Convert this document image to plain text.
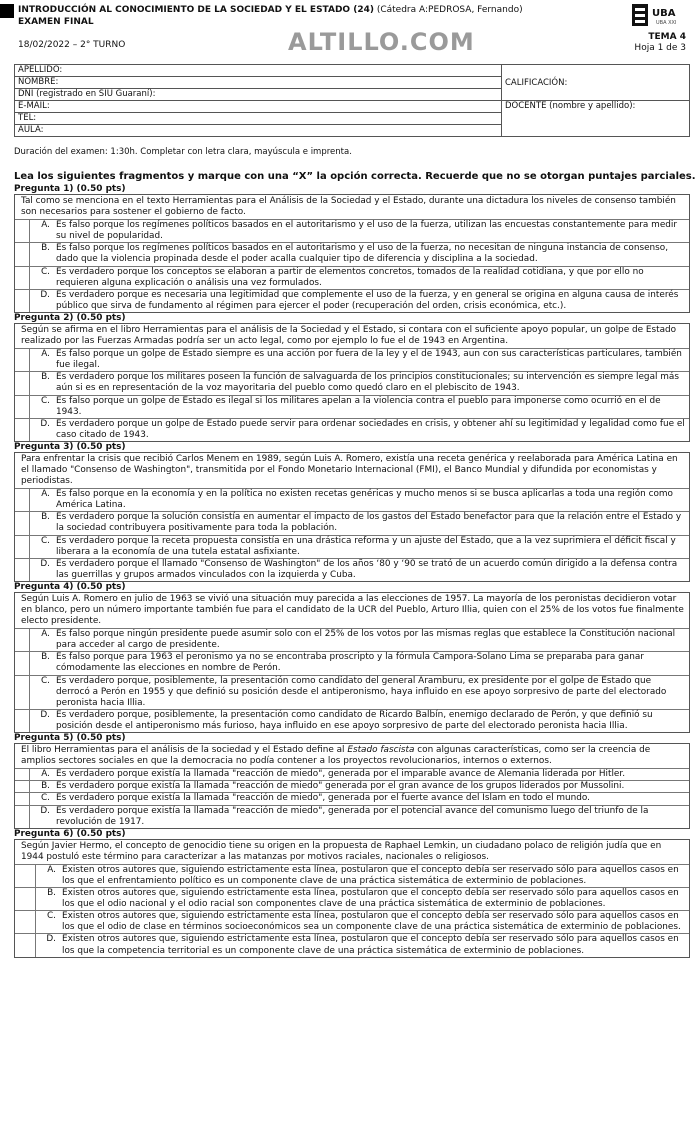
INTRODUCCIÓN AL CONOCIMIENTO DE LA SOCIEDAD Y EL ESTADO (24) (Cátedra A:PEDROSA, Fernando)
EXAMEN FINAL
18/02/2022 – 2° TURNO	ALTILLO.COM
UBA
UBA XXI
TEMA 4
Hoja 1 de 3
APELLIDO:	CALIFICACIÓN:
NOMBRE:	
DNI (registrado en SIU Guaraní):	
E-MAIL:	DOCENTE (nombre y apellido):
TEL:	
AULA:	
Duración del examen: 1:30h. Completar con letra clara, mayúscula e imprenta.
Lea los siguientes fragmentos y marque con una “X” la opción correcta. Recuerde que no se otorgan puntajes parciales.
Pregunta 1) (0.50 pts)
Tal como se menciona en el texto Herramientas para el Análisis de la Sociedad y el Estado, durante una dictadura los niveles de consenso también son necesarios para sostener el gobierno de facto.
A. Es falso porque los regímenes políticos basados en el autoritarismo y el uso de la fuerza, utilizan las encuestas constantemente para medir su nivel de popularidad.
B. Es falso porque los regímenes políticos basados en el autoritarismo y el uso de la fuerza, no necesitan de ninguna instancia de consenso, dado que la violencia propinada desde el poder acalla cualquier tipo de diferencia y disciplina a la sociedad.
C. Es verdadero porque los conceptos se elaboran a partir de elementos concretos, tomados de la realidad cotidiana, y que por ello no requieren alguna explicación o análisis una vez formulados.
D. Es verdadero porque es necesaria una legitimidad que complemente el uso de la fuerza, y en general se origina en alguna causa de interés público que sirva de fundamento al régimen para ejercer el poder (recuperación del orden, crisis económica, etc.).
Pregunta 2) (0.50 pts)
Según se afirma en el libro Herramientas para el análisis de la Sociedad y el Estado, si contara con el suficiente apoyo popular, un golpe de Estado realizado por las Fuerzas Armadas podría ser un acto legal, como por ejemplo lo fue el de 1943 en Argentina.
A. Es falso porque un golpe de Estado siempre es una acción por fuera de la ley y el de 1943, aun con sus características particulares, también fue ilegal.
B. Es verdadero porque los militares poseen la función de salvaguarda de los principios constitucionales; su intervención es siempre legal más aún si es en representación de la voz mayoritaria del pueblo como quedó claro en el plebiscito de 1943.
C. Es falso porque un golpe de Estado es ilegal si los militares apelan a la violencia contra el pueblo para imponerse como ocurrió en el de 1943.
D. Es verdadero porque un golpe de Estado puede servir para ordenar sociedades en crisis, y obtener ahí su legitimidad y legalidad como fue el caso citado de 1943.
Pregunta 3) (0.50 pts)
Para enfrentar la crisis que recibió Carlos Menem en 1989, según Luis A. Romero, existía una receta genérica y reelaborada para América Latina en el llamado "Consenso de Washington", transmitida por el Fondo Monetario Internacional (FMI), el Banco Mundial y difundida por economistas y periodistas.
A. Es falso porque en la economía y en la política no existen recetas genéricas y mucho menos si se busca aplicarlas a toda una región como América Latina.
B. Es verdadero porque la solución consistía en aumentar el impacto de los gastos del Estado benefactor para que la relación entre el Estado y la sociedad contribuyera positivamente para toda la población.
C. Es verdadero porque la receta propuesta consistía en una drástica reforma y un ajuste del Estado, que a la vez suprimiera el déficit fiscal y liberara a la economía de una tutela estatal asfixiante.
D. Es verdadero porque el llamado "Consenso de Washington" de los años ‘80 y ‘90 se trató de un acuerdo común dirigido a la defensa contra las guerrillas y grupos armados vinculados con la izquierda y Cuba.
Pregunta 4) (0.50 pts)
Según Luis A. Romero en julio de 1963 se vivió una situación muy parecida a las elecciones de 1957. La mayoría de los peronistas decidieron votar en blanco, pero un número importante también fue para el candidato de la UCR del Pueblo, Arturo Illia, quien con el 25% de los votos fue finalmente electo presidente.
A. Es falso porque ningún presidente puede asumir solo con el 25% de los votos por las mismas reglas que establece la Constitución nacional para acceder al cargo de presidente.
B. Es falso porque para 1963 el peronismo ya no se encontraba proscripto y la fórmula Campora-Solano Lima se preparaba para ganar cómodamente las elecciones en nombre de Perón.
C. Es verdadero porque, posiblemente, la presentación como candidato del general Aramburu, ex presidente por el golpe de Estado que derrocó a Perón en 1955 y que definió su posición desde el antiperonismo, haya influido en ese apoyo sorpresivo de parte del electorado peronista hacia Illia.
D. Es verdadero porque, posiblemente, la presentación como candidato de Ricardo Balbín, enemigo declarado de Perón, y que definió su posición desde el antiperonismo más furioso, haya influido en ese apoyo sorpresivo de parte del electorado peronista hacia Illia.
Pregunta 5) (0.50 pts)
El libro Herramientas para el análisis de la sociedad y el Estado define al Estado fascista con algunas características, como ser la creencia de amplios sectores sociales en que la democracia no podía contener a los proyectos revolucionarios, internos o externos.
A. Es verdadero porque existía la llamada "reacción de miedo", generada por el imparable avance de Alemania liderada por Hitler.
B. Es verdadero porque existía la llamada "reacción de miedo" generada por el gran avance de los grupos liderados por Mussolini.
C. Es verdadero porque existía la llamada "reacción de miedo", generada por el fuerte avance del Islam en todo el mundo.
D. Es verdadero porque existía la llamada "reacción de miedo", generada por el potencial avance del comunismo luego del triunfo de la revolución de 1917.
Pregunta 6) (0.50 pts)
Según Javier Hermo, el concepto de genocidio tiene su origen en la propuesta de Raphael Lemkin, un ciudadano polaco de religión judía que en 1944 postuló este término para caracterizar a las matanzas por motivos raciales, nacionales o religiosos.
A. Existen otros autores que, siguiendo estrictamente esta línea, postularon que el concepto debía ser reservado sólo para aquellos casos en los que el enfrentamiento político es un componente clave de una práctica sistemática de exterminio de poblaciones.
B. Existen otros autores que, siguiendo estrictamente esta línea, postularon que el concepto debía ser reservado sólo para aquellos casos en los que el odio nacional y el odio racial son componentes clave de una práctica sistemática de exterminio de poblaciones.
C. Existen otros autores que, siguiendo estrictamente esta línea, postularon que el concepto debía ser reservado sólo para aquellos casos en los que el odio de clase en términos socioeconómicos sea un componente clave de una práctica sistemática de exterminio de poblaciones.
D. Existen otros autores que, siguiendo estrictamente esta línea, postularon que el concepto debía ser reservado sólo para aquellos casos en los que la competencia territorial es un componente clave de una práctica sistemática de exterminio de poblaciones.
